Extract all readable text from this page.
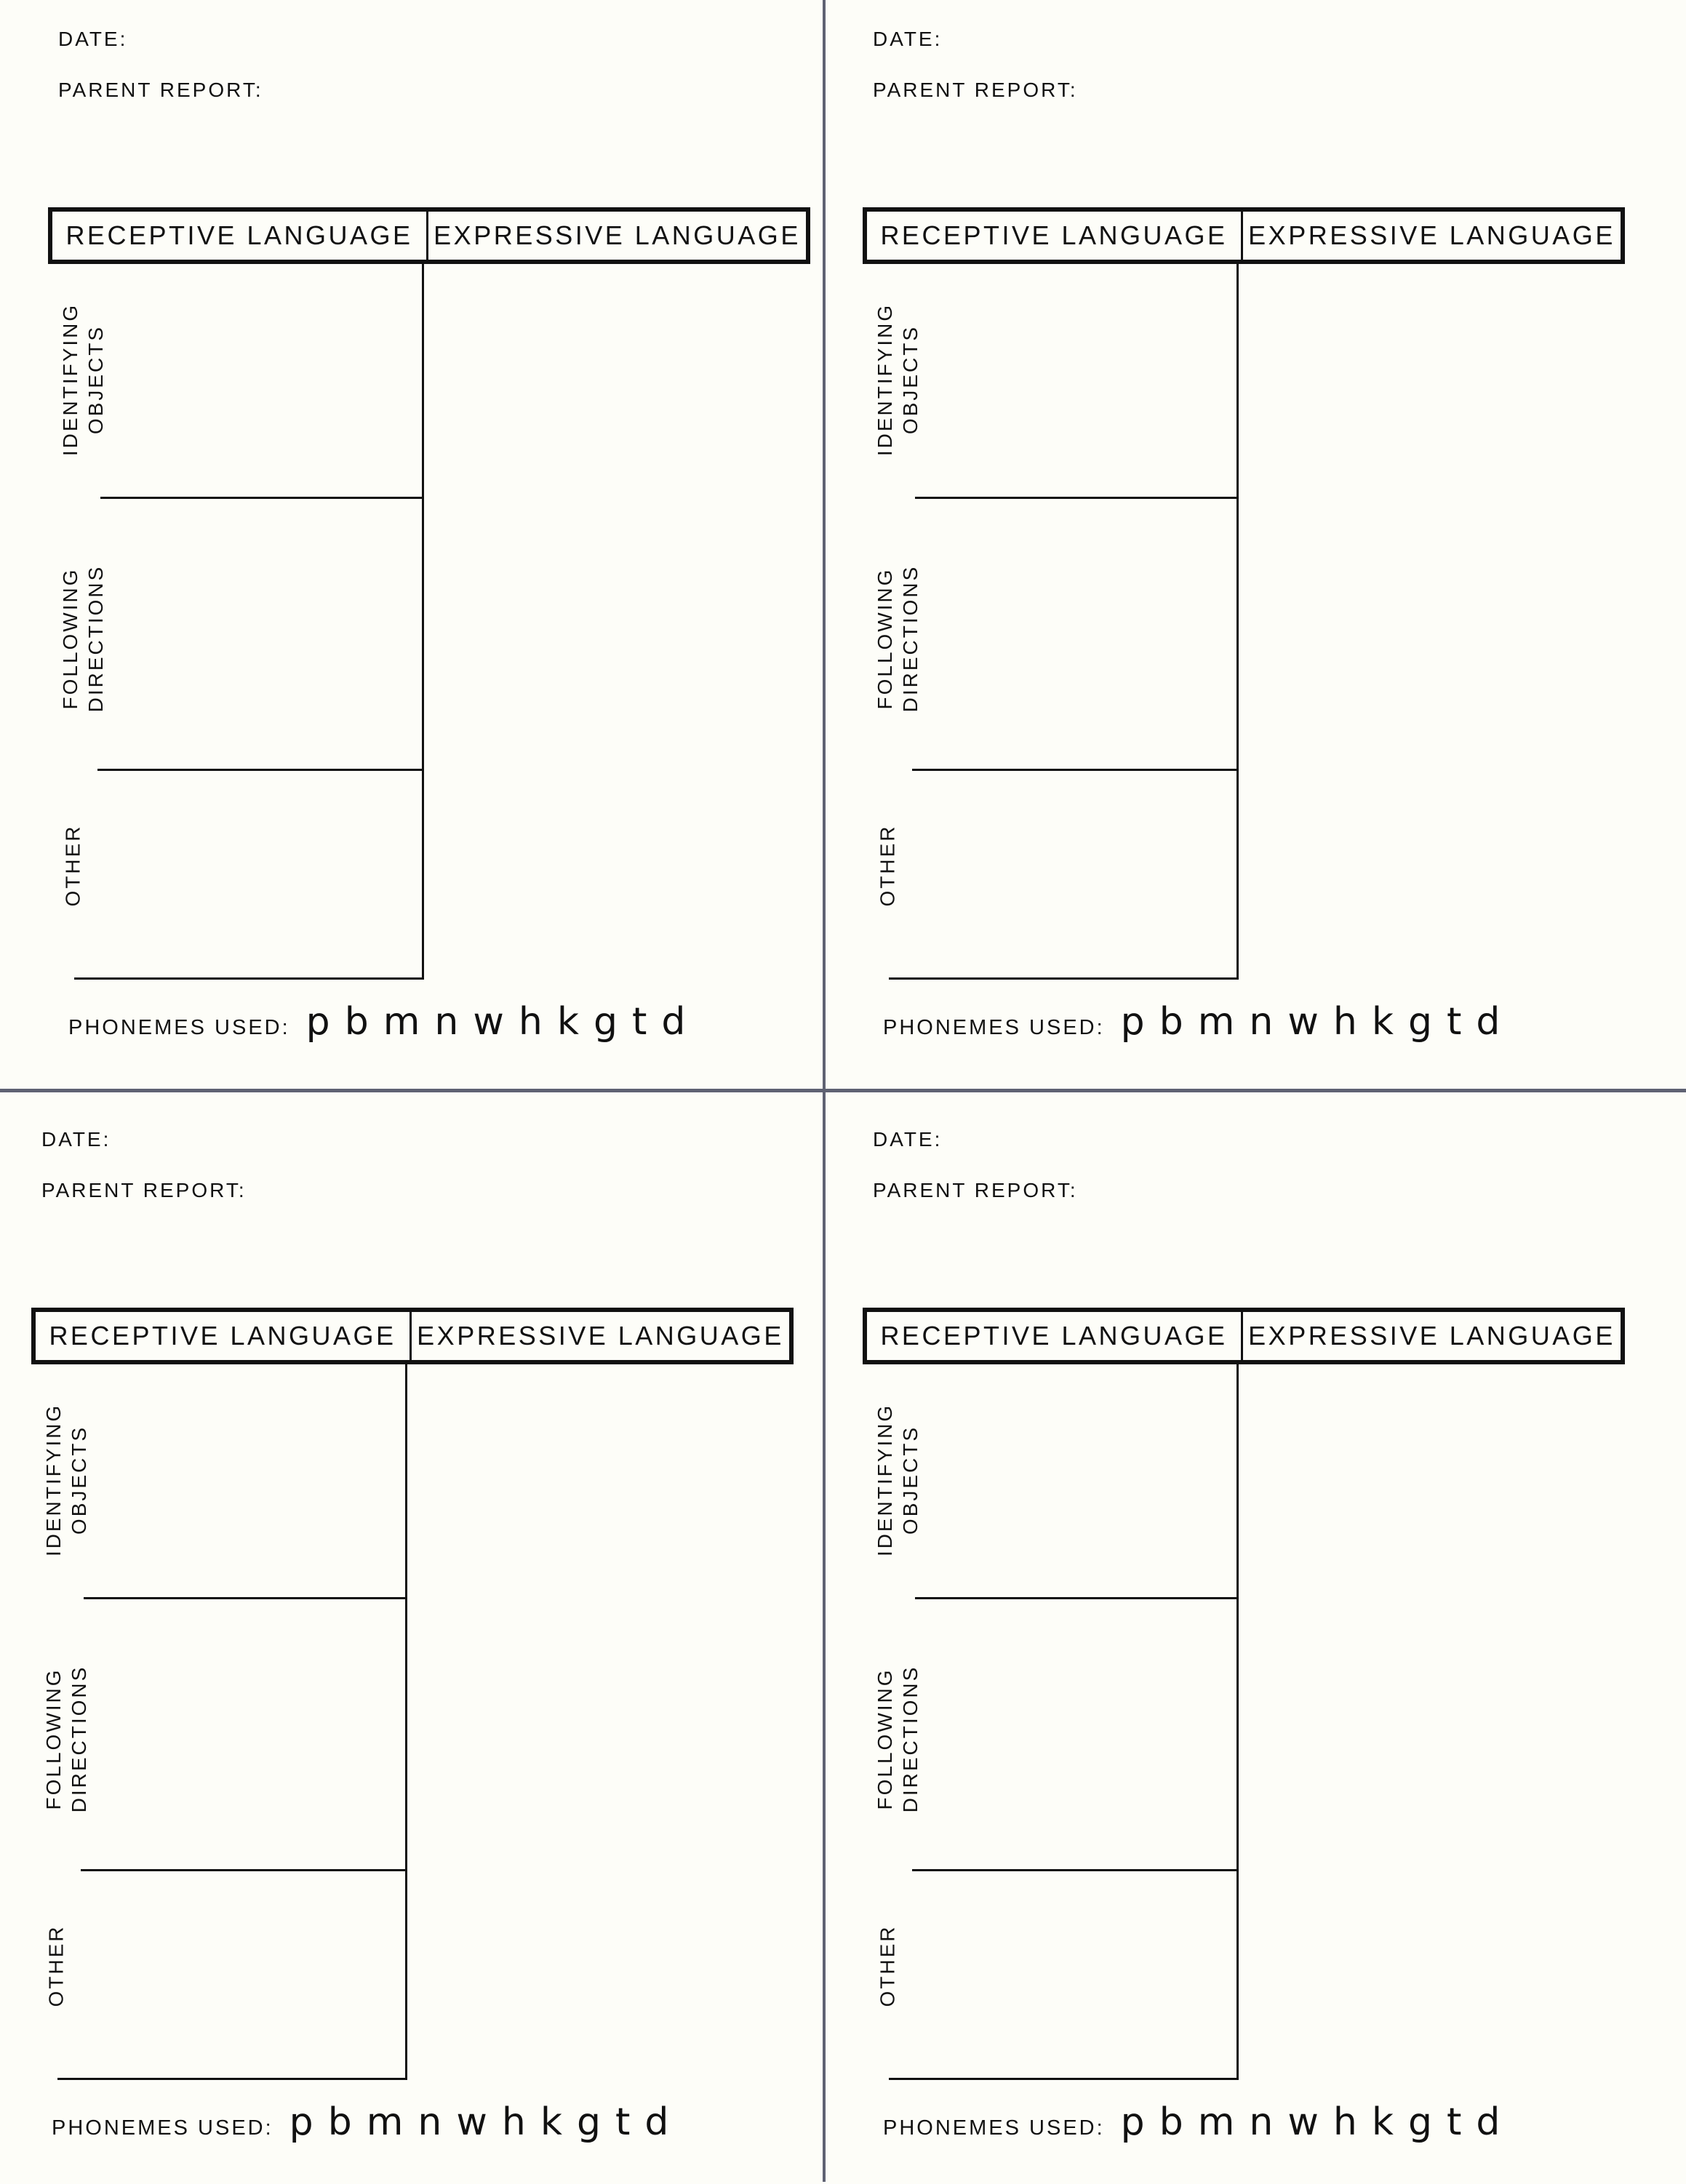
DATE:
PARENT REPORT:
RECEPTIVE LANGUAGE EXPRESSIVE LANGUAGE
IDENTIFYING OBJECTS
FOLLOWING DIRECTIONS
OTHER
PHONEMES USED: p b m n w h k g t d
DATE:
PARENT REPORT:
RECEPTIVE LANGUAGE EXPRESSIVE LANGUAGE
IDENTIFYING OBJECTS
FOLLOWING DIRECTIONS
OTHER
PHONEMES USED: p b m n w h k g t d
DATE:
PARENT REPORT:
RECEPTIVE LANGUAGE EXPRESSIVE LANGUAGE
IDENTIFYING OBJECTS
FOLLOWING DIRECTIONS
OTHER
PHONEMES USED: p b m n w h k g t d
DATE:
PARENT REPORT:
RECEPTIVE LANGUAGE EXPRESSIVE LANGUAGE
IDENTIFYING OBJECTS
FOLLOWING DIRECTIONS
OTHER
PHONEMES USED: p b m n w h k g t d
